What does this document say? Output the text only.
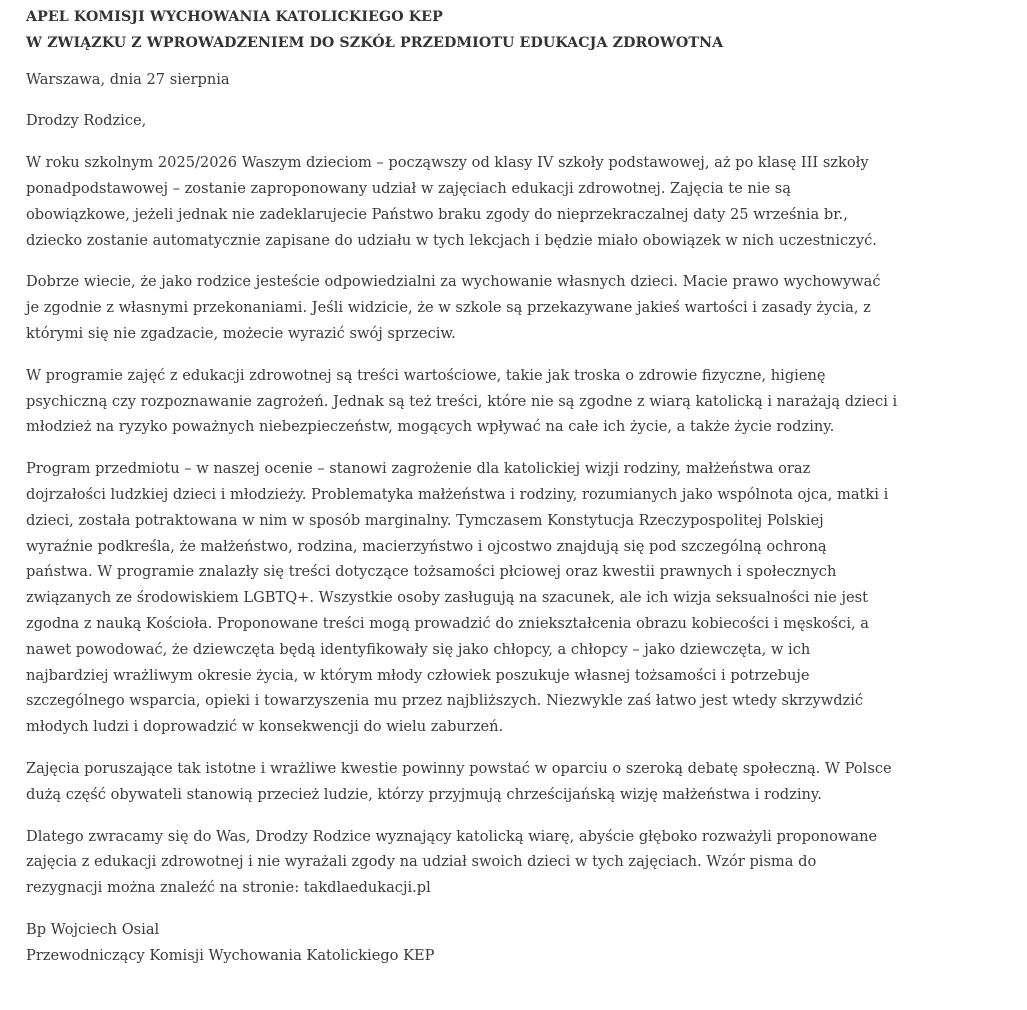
APEL KOMISJI WYCHOWANIA KATOLICKIEGO KEP
W ZWIĄZKU Z WPROWADZENIEM DO SZKÓŁ PRZEDMIOTU EDUKACJA ZDROWOTNA

Warszawa, dnia 27 sierpnia

Drodzy Rodzice,

W roku szkolnym 2025/2026 Waszym dzieciom – począwszy od klasy IV szkoły podstawowej, aż po klasę III szkoły
ponadpodstawowej – zostanie zaproponowany udział w zajęciach edukacji zdrowotnej. Zajęcia te nie są
obowiązkowe, jeżeli jednak nie zadeklarujecie Państwo braku zgody do nieprzekraczalnej daty 25 września br.,
dziecko zostanie automatycznie zapisane do udziału w tych lekcjach i będzie miało obowiązek w nich uczestniczyć.

Dobrze wiecie, że jako rodzice jesteście odpowiedzialni za wychowanie własnych dzieci. Macie prawo wychowywać
je zgodnie z własnymi przekonaniami. Jeśli widzicie, że w szkole są przekazywane jakieś wartości i zasady życia, z
którymi się nie zgadzacie, możecie wyrazić swój sprzeciw.

W programie zajęć z edukacji zdrowotnej są treści wartościowe, takie jak troska o zdrowie fizyczne, higienę
psychiczną czy rozpoznawanie zagrożeń. Jednak są też treści, które nie są zgodne z wiarą katolicką i narażają dzieci i
młodzież na ryzyko poważnych niebezpieczeństw, mogących wpływać na całe ich życie, a także życie rodziny.

Program przedmiotu – w naszej ocenie – stanowi zagrożenie dla katolickiej wizji rodziny, małżeństwa oraz
dojrzałości ludzkiej dzieci i młodzieży. Problematyka małżeństwa i rodziny, rozumianych jako wspólnota ojca, matki i
dzieci, została potraktowana w nim w sposób marginalny. Tymczasem Konstytucja Rzeczypospolitej Polskiej
wyraźnie podkreśla, że małżeństwo, rodzina, macierzyństwo i ojcostwo znajdują się pod szczególną ochroną
państwa. W programie znalazły się treści dotyczące tożsamości płciowej oraz kwestii prawnych i społecznych
związanych ze środowiskiem LGBTQ+. Wszystkie osoby zasługują na szacunek, ale ich wizja seksualności nie jest
zgodna z nauką Kościoła. Proponowane treści mogą prowadzić do zniekształcenia obrazu kobiecości i męskości, a
nawet powodować, że dziewczęta będą identyfikowały się jako chłopcy, a chłopcy – jako dziewczęta, w ich
najbardziej wrażliwym okresie życia, w którym młody człowiek poszukuje własnej tożsamości i potrzebuje
szczególnego wsparcia, opieki i towarzyszenia mu przez najbliższych. Niezwykle zaś łatwo jest wtedy skrzywdzić
młodych ludzi i doprowadzić w konsekwencji do wielu zaburzeń.

Zajęcia poruszające tak istotne i wrażliwe kwestie powinny powstać w oparciu o szeroką debatę społeczną. W Polsce
dużą część obywateli stanowią przecież ludzie, którzy przyjmują chrześcijańską wizję małżeństwa i rodziny.

Dlatego zwracamy się do Was, Drodzy Rodzice wyznający katolicką wiarę, abyście głęboko rozważyli proponowane
zajęcia z edukacji zdrowotnej i nie wyrażali zgody na udział swoich dzieci w tych zajęciach. Wzór pisma do
rezygnacji można znaleźć na stronie: takdlaedukacji.pl

Bp Wojciech Osial
Przewodniczący Komisji Wychowania Katolickiego KEP
